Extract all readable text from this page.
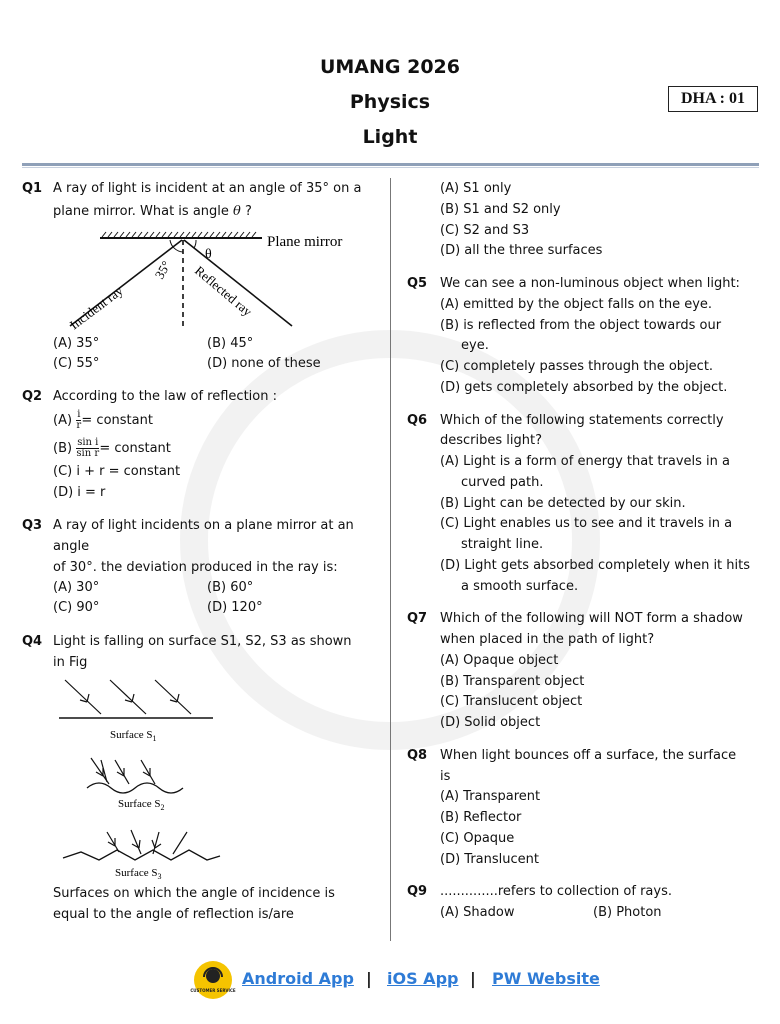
UMANG 2026
Physics
Light
DHA : 01
Q1 A ray of light is incident at an angle of 35° on a
plane mirror. What is angle θ ?
Plane mirror
θ
Incident ray	Reflected ray
35°
(A) 35°	(B) 45°
(C) 55°	(D) none of these
Q2 According to the law of reflection :
$(A) \frac{i}{r}$ = constant
$(B) \frac{\text{sin i}}{\text{sin r}}$ = constant
(C) i + r = constant
(D) i = r
Q3 A ray of light incidents on a plane mirror at an
angle
of 30°. the deviation produced in the ray is:
(A) 30°	(B) 60°
(C) 90°	(D) 120°
Q4 Light is falling on surface S1, S2, S3 as shown
in Fig
Surface $S_1$
Surface $S_2$
Surface $S_3$
Surfaces on which the angle of incidence is
equal to the angle of reflection is/are
(A) S1 only
(B) S1 and S2 only
(C) S2 and S3
(D) all the three surfaces
Q5 We can see a non-luminous object when light:
(A) emitted by the object falls on the eye.
(B) is reflected from the object towards our
eye.
(C) completely passes through the object.
(D) gets completely absorbed by the object.
Q6 Which of the following statements correctly
describes light?
(A) Light is a form of energy that travels in a
curved path.
(B) Light can be detected by our skin.
(C) Light enables us to see and it travels in a
straight line.
(D) Light gets absorbed completely when it hits
a smooth surface.
Q7 Which of the following will NOT form a shadow
when placed in the path of light?
(A) Opaque object
(B) Transparent object
(C) Translucent object
(D) Solid object
Q8 When light bounces off a surface, the surface
is
(A) Transparent
(B) Reflector
(C) Opaque
(D) Translucent
Q9 ..............refers to collection of rays.
(A) Shadow	(B) Photon
CUSTOMER SERVICE
Android App | iOS App | PW Website
